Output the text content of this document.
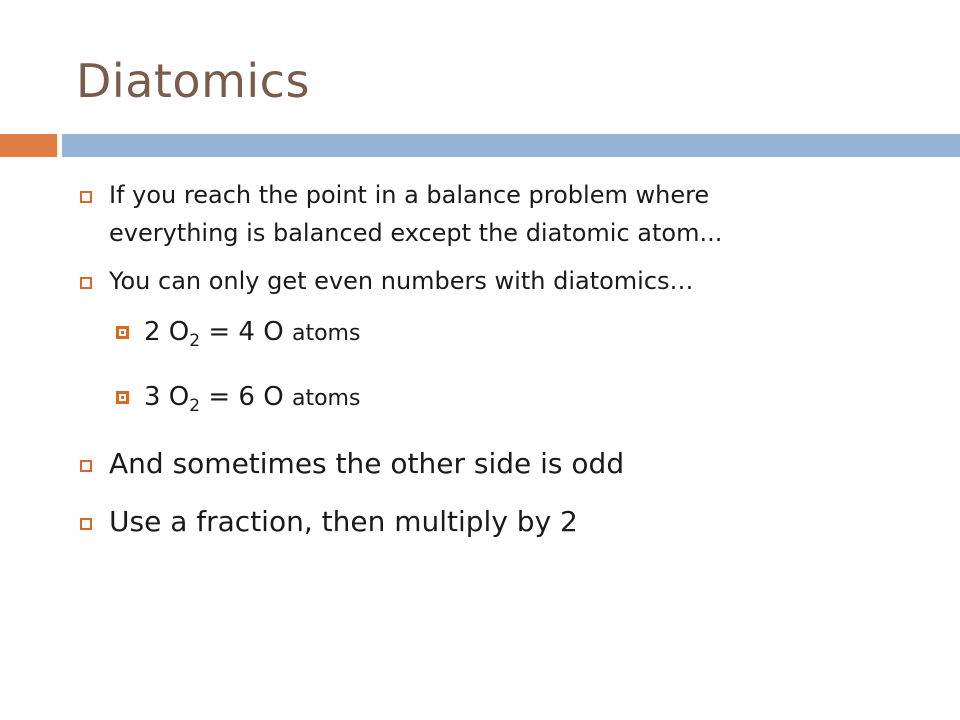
Diatomics
If you reach the point in a balance problem where
everything is balanced except the diatomic atom...
You can only get even numbers with diatomics…
2 $O_2 = 4$ O atoms
3 $O_2 = 6$ O atoms
And sometimes the other side is odd
Use a fraction, then multiply by 2
